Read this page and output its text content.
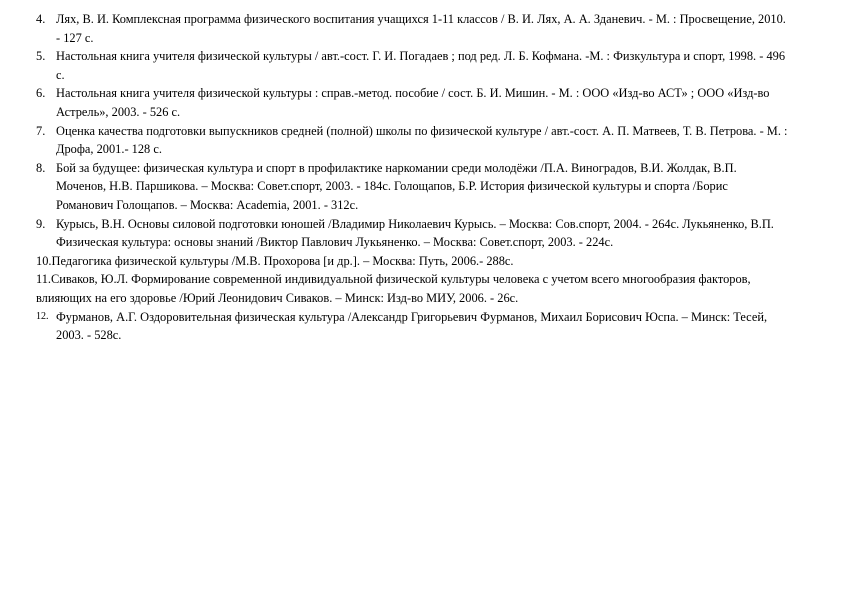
4. Лях, В. И. Комплексная программа физического воспитания учащихся 1-11 классов / В. И. Лях, А. А. Зданевич. - М. : Просвещение, 2010. - 127 с.
5. Настольная книга учителя физической культуры / авт.-сост. Г. И. Погадаев ; под ред. Л. Б. Кофмана. -М. : Физкультура и спорт, 1998. - 496 с.
6. Настольная книга учителя физической культуры : справ.-метод. пособие / сост. Б. И. Мишин. - М. : ООО «Изд-во АСТ» ; ООО «Изд-во Астрель», 2003. - 526 с.
7. Оценка качества подготовки выпускников средней (полной) школы по физической культуре / авт.-сост. А. П. Матвеев, Т. В. Петрова. - М. : Дрофа, 2001.- 128 с.
8. Бой за будущее: физическая культура и спорт в профилактике наркомании среди молодёжи /П.А. Виноградов, В.И. Жолдак, В.П. Моченов, Н.В. Паршикова. – Москва: Совет.спорт, 2003. - 184с. Голощапов, Б.Р. История физической культуры и спорта /Борис Романович Голощапов. – Москва: Academia, 2001. - 312с.
9. Курысь, В.Н. Основы силовой подготовки юношей /Владимир Николаевич Курысь. – Москва: Сов.спорт, 2004. - 264с. Лукьяненко, В.П. Физическая культура: основы знаний /Виктор Павлович Лукьяненко. – Москва: Совет.спорт, 2003. - 224с.
10.Педагогика физической культуры /М.В. Прохорова [и др.]. – Москва: Путь, 2006.- 288с.
11.Сиваков, Ю.Л. Формирование современной индивидуальной физической культуры человека с учетом всего многообразия факторов, влияющих на его здоровье /Юрий Леонидович Сиваков. – Минск: Изд-во МИУ, 2006. - 26с.
12. Фурманов, А.Г. Оздоровительная физическая культура /Александр Григорьевич Фурманов, Михаил Борисович Юспа. – Минск: Тесей, 2003. - 528с.
